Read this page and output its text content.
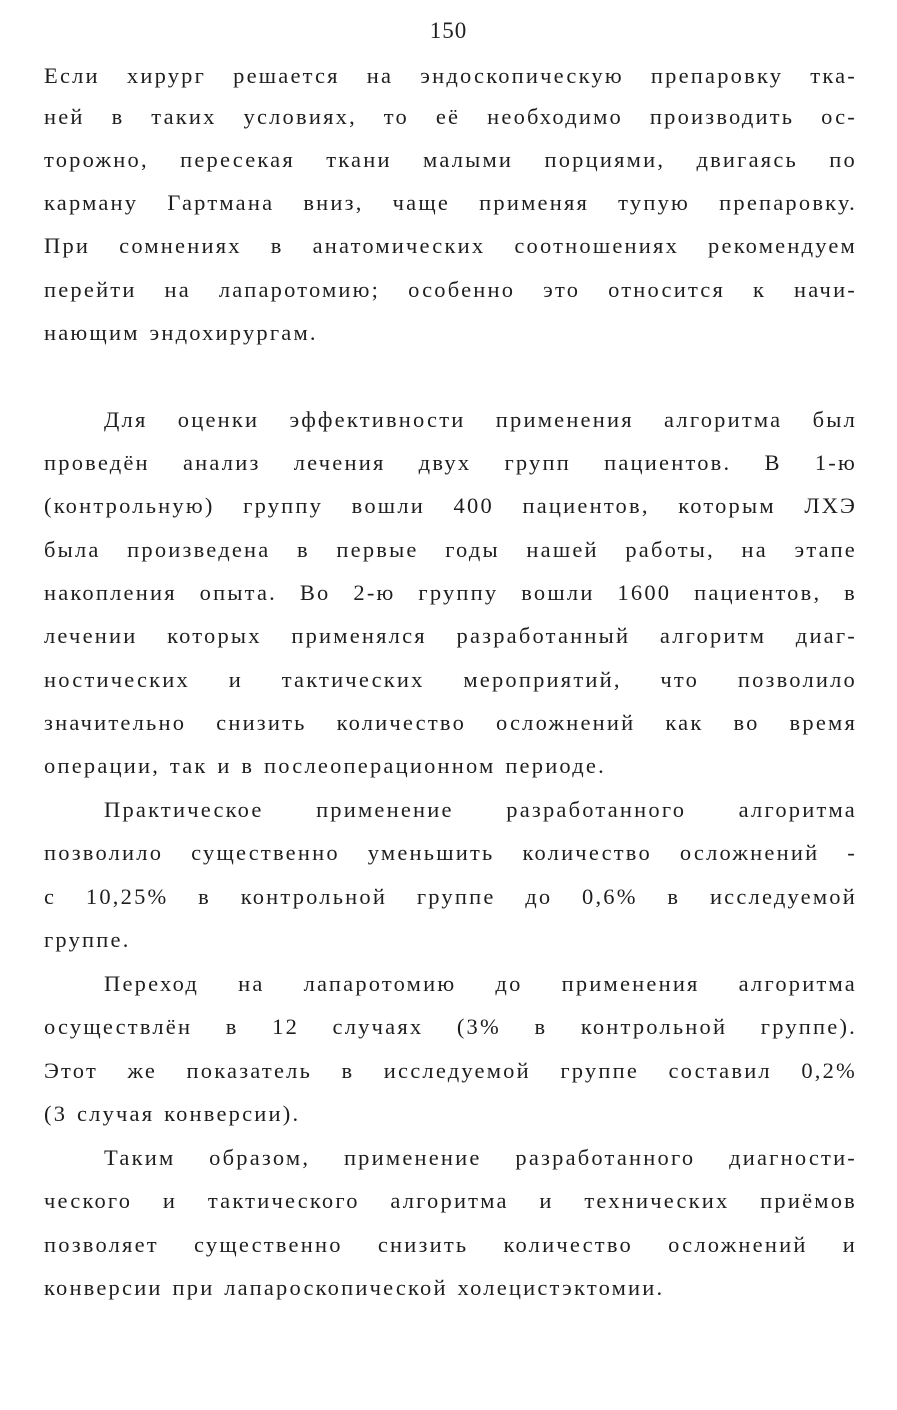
150
Если хирург решается на эндоскопическую препаровку тка-
ней в таких условиях, то её необходимо производить ос-
торожно, пересекая ткани малыми порциями, двигаясь по
карману Гартмана вниз, чаще применяя тупую препаровку.
При сомнениях в анатомических соотношениях рекомендуем
перейти на лапаротомию; особенно это относится к начи-
нающим эндохирургам.
Для оценки эффективности применения алгоритма был
проведён анализ лечения двух групп пациентов. В 1-ю
(контрольную) группу вошли 400 пациентов, которым ЛХЭ
была произведена в первые годы нашей работы, на этапе
накопления опыта. Во 2-ю группу вошли 1600 пациентов, в
лечении которых применялся разработанный алгоритм диаг-
ностических и тактических мероприятий, что позволило
значительно снизить количество осложнений как во время
операции, так и в послеоперационном периоде.
Практическое применение разработанного алгоритма
позволило существенно уменьшить количество осложнений -
с 10,25% в контрольной группе до 0,6% в исследуемой
группе.
Переход на лапаротомию до применения алгоритма
осуществлён в 12 случаях (3% в контрольной группе).
Этот же показатель в исследуемой группе составил 0,2%
(3 случая конверсии).
Таким образом, применение разработанного диагности-
ческого и тактического алгоритма и технических приёмов
позволяет существенно снизить количество осложнений и
конверсии при лапароскопической холецистэктомии.
